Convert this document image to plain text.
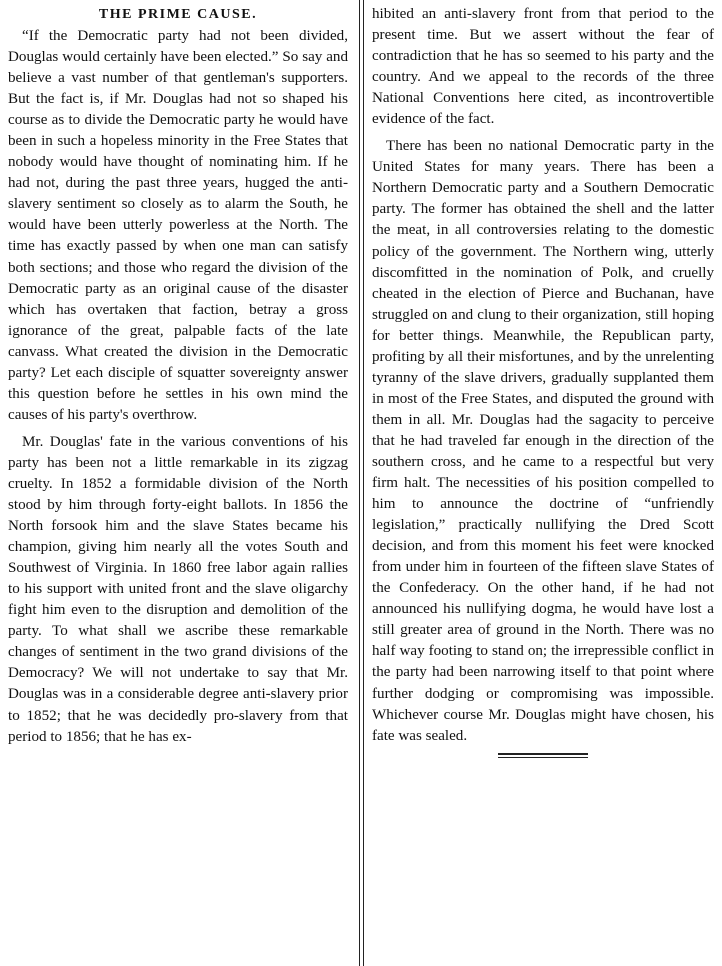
THE PRIME CAUSE.

“If the Democratic party had not been divided, Douglas would certainly have been elected.” So say and believe a vast number of that gentleman's supporters. But the fact is, if Mr. Douglas had not so shaped his course as to divide the Democratic party he would have been in such a hopeless minority in the Free States that nobody would have thought of nominating him. If he had not, during the past three years, hugged the anti-slavery sentiment so closely as to alarm the South, he would have been utterly powerless at the North. The time has exactly passed by when one man can satisfy both sections; and those who regard the division of the Democratic party as an original cause of the disaster which has overtaken that faction, betray a gross ignorance of the great, palpable facts of the late canvass. What created the division in the Democratic party? Let each disciple of squatter sovereignty answer this question before he settles in his own mind the causes of his party's overthrow.

Mr. Douglas' fate in the various conventions of his party has been not a little remarkable in its zigzag cruelty. In 1852 a formidable division of the North stood by him through forty-eight ballots. In 1856 the North forsook him and the slave States became his champion, giving him nearly all the votes South and Southwest of Virginia. In 1860 free labor again rallies to his support with united front and the slave oligarchy fight him even to the disruption and demolition of the party. To what shall we ascribe these remarkable changes of sentiment in the two grand divisions of the Democracy? We will not undertake to say that Mr. Douglas was in a considerable degree anti-slavery prior to 1852; that he was decidedly pro-slavery from that period to 1856; that he has ex-

hibited an anti-slavery front from that period to the present time. But we assert without the fear of contradiction that he has so seemed to his party and the country. And we appeal to the records of the three National Conventions here cited, as incontrovertible evidence of the fact.

There has been no national Democratic party in the United States for many years. There has been a Northern Democratic party and a Southern Democratic party. The former has obtained the shell and the latter the meat, in all controversies relating to the domestic policy of the government. The Northern wing, utterly discomfitted in the nomination of Polk, and cruelly cheated in the election of Pierce and Buchanan, have struggled on and clung to their organization, still hoping for better things. Meanwhile, the Republican party, profiting by all their misfortunes, and by the unrelenting tyranny of the slave drivers, gradually supplanted them in most of the Free States, and disputed the ground with them in all. Mr. Douglas had the sagacity to perceive that he had traveled far enough in the direction of the southern cross, and he came to a respectful but very firm halt. The necessities of his position compelled to him to announce the doctrine of “unfriendly legislation,” practically nullifying the Dred Scott decision, and from this moment his feet were knocked from under him in fourteen of the fifteen slave States of the Confederacy. On the other hand, if he had not announced his nullifying dogma, he would have lost a still greater area of ground in the North. There was no half way footing to stand on; the irrepressible conflict in the party had been narrowing itself to that point where further dodging or compromising was impossible. Whichever course Mr. Douglas might have chosen, his fate was sealed.
